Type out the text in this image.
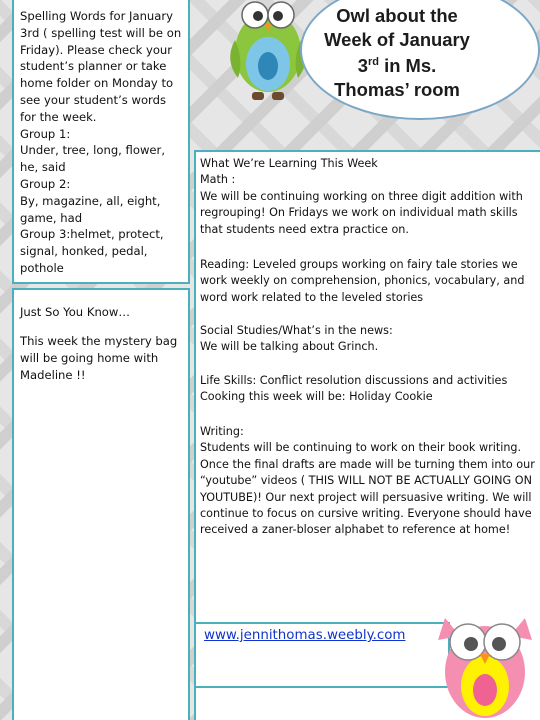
Spelling Words for January 3rd ( spelling test will be on Friday). Please check your student’s planner or take home folder on Monday to see your student’s words for the week.
Group 1:
Under, tree, long, flower, he, said
Group 2:
By, magazine, all, eight, game, had
Group 3:helmet, protect, signal, honked, pedal, pothole

Just So You Know…

This week the mystery bag will be going home with Madeline !!

What We’re Learning This Week
Math :
We will be continuing working on three digit addition with regrouping! On Fridays we work on individual math skills that students need extra practice on.

Reading: Leveled groups working on fairy tale stories we work weekly on comprehension, phonics, vocabulary, and word work related to the leveled stories

Social Studies/What’s in the news:
We will be talking about Grinch.

Life Skills: Conflict resolution discussions and activities
Cooking this week will be: Holiday Cookie

Writing:
Students will be continuing to work on their book writing. Once the final drafts are made will be turning them into our “youtube” videos ( THIS WILL NOT BE ACTUALLY GOING ON YOUTUBE)! Our next project will persuasive writing. We will continue to focus on cursive writing. Everyone should have received a zaner-bloser alphabet to reference at home!

Owl about the
Week of January
3rd in Ms.
Thomas’ room
www.jennithomas.weebly.com
